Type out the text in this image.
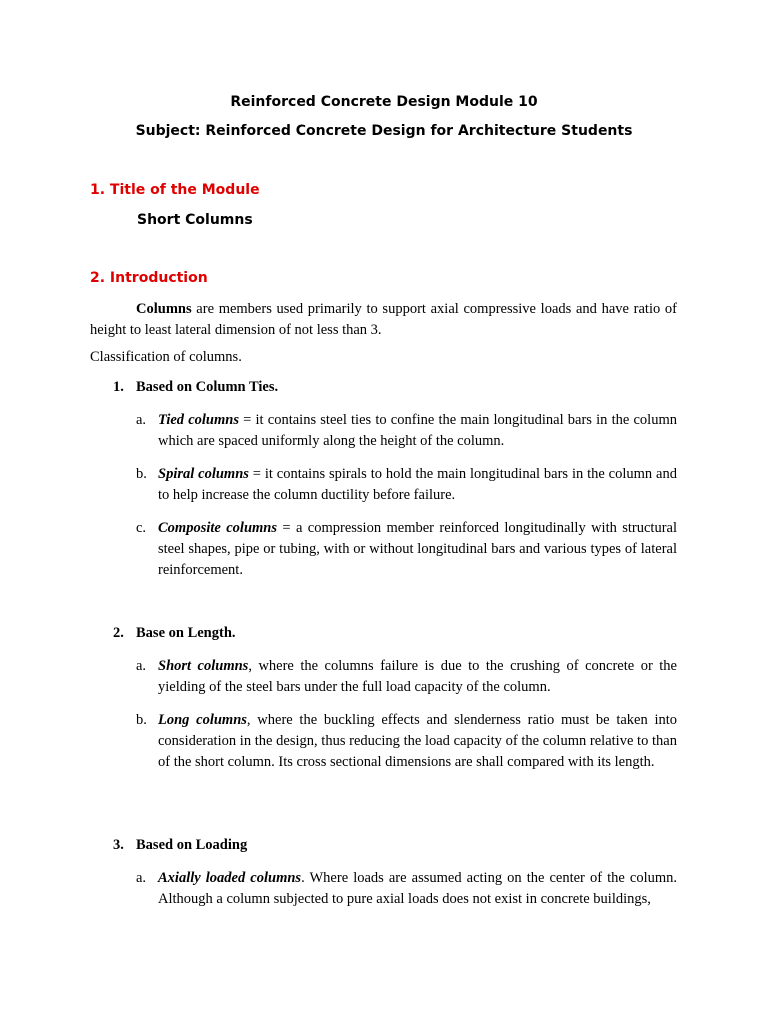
Reinforced Concrete Design Module 10
Subject: Reinforced Concrete Design for Architecture Students
1. Title of the Module
Short Columns
2. Introduction

Columns are members used primarily to support axial compressive loads and have ratio of height to least lateral dimension of not less than 3.

Classification of columns.
1. Based on Column Ties.
a. Tied columns = it contains steel ties to confine the main longitudinal bars in the column which are spaced uniformly along the height of the column.
b. Spiral columns = it contains spirals to hold the main longitudinal bars in the column and to help increase the column ductility before failure.
c. Composite columns = a compression member reinforced longitudinally with structural steel shapes, pipe or tubing, with or without longitudinal bars and various types of lateral reinforcement.
2. Base on Length.
a. Short columns, where the columns failure is due to the crushing of concrete or the yielding of the steel bars under the full load capacity of the column.
b. Long columns, where the buckling effects and slenderness ratio must be taken into consideration in the design, thus reducing the load capacity of the column relative to than of the short column. Its cross sectional dimensions are shall compared with its length.
3. Based on Loading
a. Axially loaded columns. Where loads are assumed acting on the center of the column. Although a column subjected to pure axial loads does not exist in concrete buildings,
